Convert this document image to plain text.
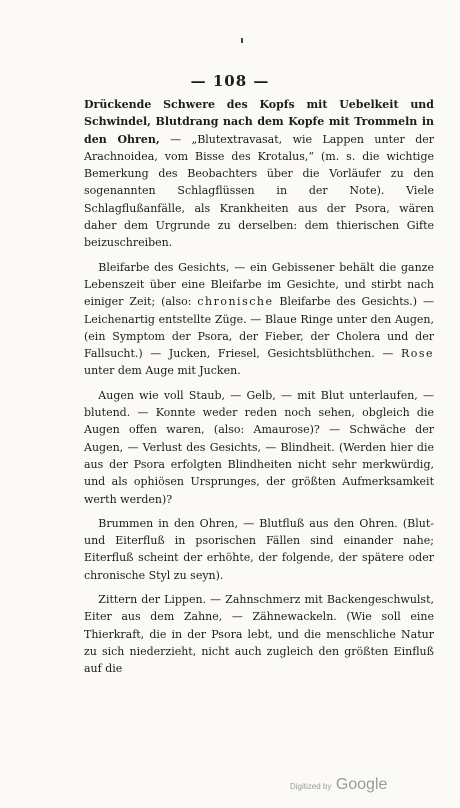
— 108 —

Drückende Schwere des Kopfs mit Uebelkeit und Schwindel, Blutdrang nach dem Kopfe mit Trommeln in den Ohren, — „Blutextravasat, wie Lappen unter der Arachnoidea, vom Bisse des Krotalus,“ (m. s. die wichtige Bemerkung des Beobachters über die Vorläufer zu den sogenannten Schlagflüssen in der Note). Viele Schlagflußanfälle, als Krankheiten aus der Psora, wären daher dem Urgrunde zu derselben: dem thierischen Gifte beizuschreiben.

Bleifarbe des Gesichts, — ein Gebissener behält die ganze Lebenszeit über eine Bleifarbe im Gesichte, und stirbt nach einiger Zeit; (also: chronische Bleifarbe des Gesichts.) — Leichenartig entstellte Züge. — Blaue Ringe unter den Augen, (ein Symptom der Psora, der Fieber, der Cholera und der Fallsucht.) — Jucken, Friesel, Gesichtsblüthchen. — Rose unter dem Auge mit Jucken.

Augen wie voll Staub, — Gelb, — mit Blut unterlaufen, — blutend. — Konnte weder reden noch sehen, obgleich die Augen offen waren, (also: Amaurose)? — Schwäche der Augen, — Verlust des Gesichts, — Blindheit. (Werden hier die aus der Psora erfolgten Blindheiten nicht sehr merkwürdig, und als ophiösen Ursprunges, der größten Aufmerksamkeit werth werden)?

Brummen in den Ohren, — Blutfluß aus den Ohren. (Blut- und Eiterfluß in psorischen Fällen sind einander nahe; Eiterfluß scheint der erhöhte, der folgende, der spätere oder chronische Styl zu seyn).

Zittern der Lippen. — Zahnschmerz mit Backengeschwulst, Eiter aus dem Zahne, — Zähnewackeln. (Wie soll eine Thierkraft, die in der Psora lebt, und die menschliche Natur zu sich niederzieht, nicht auch zugleich den größten Einfluß auf die

Digitized by Google
